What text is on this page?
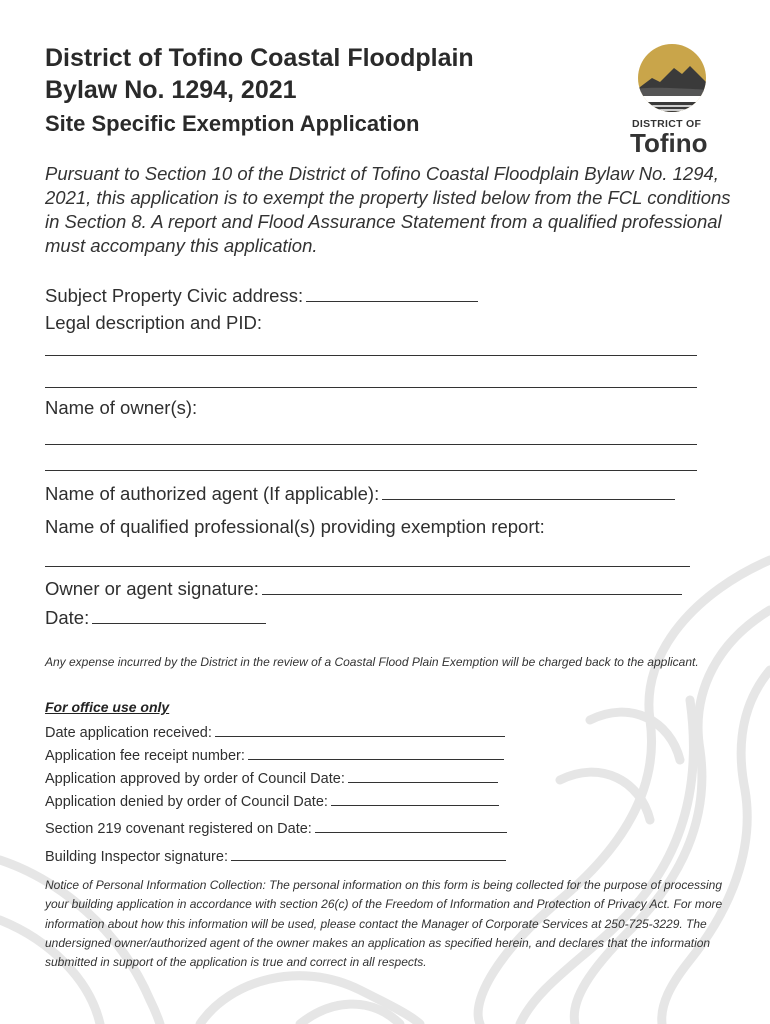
District of Tofino Coastal Floodplain
Bylaw No. 1294, 2021
Site Specific Exemption Application	DISTRICT OF
Tofino
Pursuant to Section 10 of the District of Tofino Coastal Floodplain Bylaw No. 1294, 2021, this application is to exempt the property listed below from the FCL conditions in Section 8. A report and Flood Assurance Statement from a qualified professional must accompany this application.
Subject Property Civic address:
Legal description and PID:
Name of owner(s):
Name of authorized agent (If applicable):
Name of qualified professional(s) providing exemption report:
Owner or agent signature:
Date:
Any expense incurred by the District in the review of a Coastal Flood Plain Exemption will be charged back to the applicant.
For office use only
Date application received:
Application fee receipt number:
Application approved by order of Council Date:
Application denied by order of Council Date:
Section 219 covenant registered on Date:
Building Inspector signature:
Notice of Personal Information Collection: The personal information on this form is being collected for the purpose of processing your building application in accordance with section 26(c) of the Freedom of Information and Protection of Privacy Act. For more information about how this information will be used, please contact the Manager of Corporate Services at 250-725-3229. The undersigned owner/authorized agent of the owner makes an application as specified herein, and declares that the information submitted in support of the application is true and correct in all respects.
